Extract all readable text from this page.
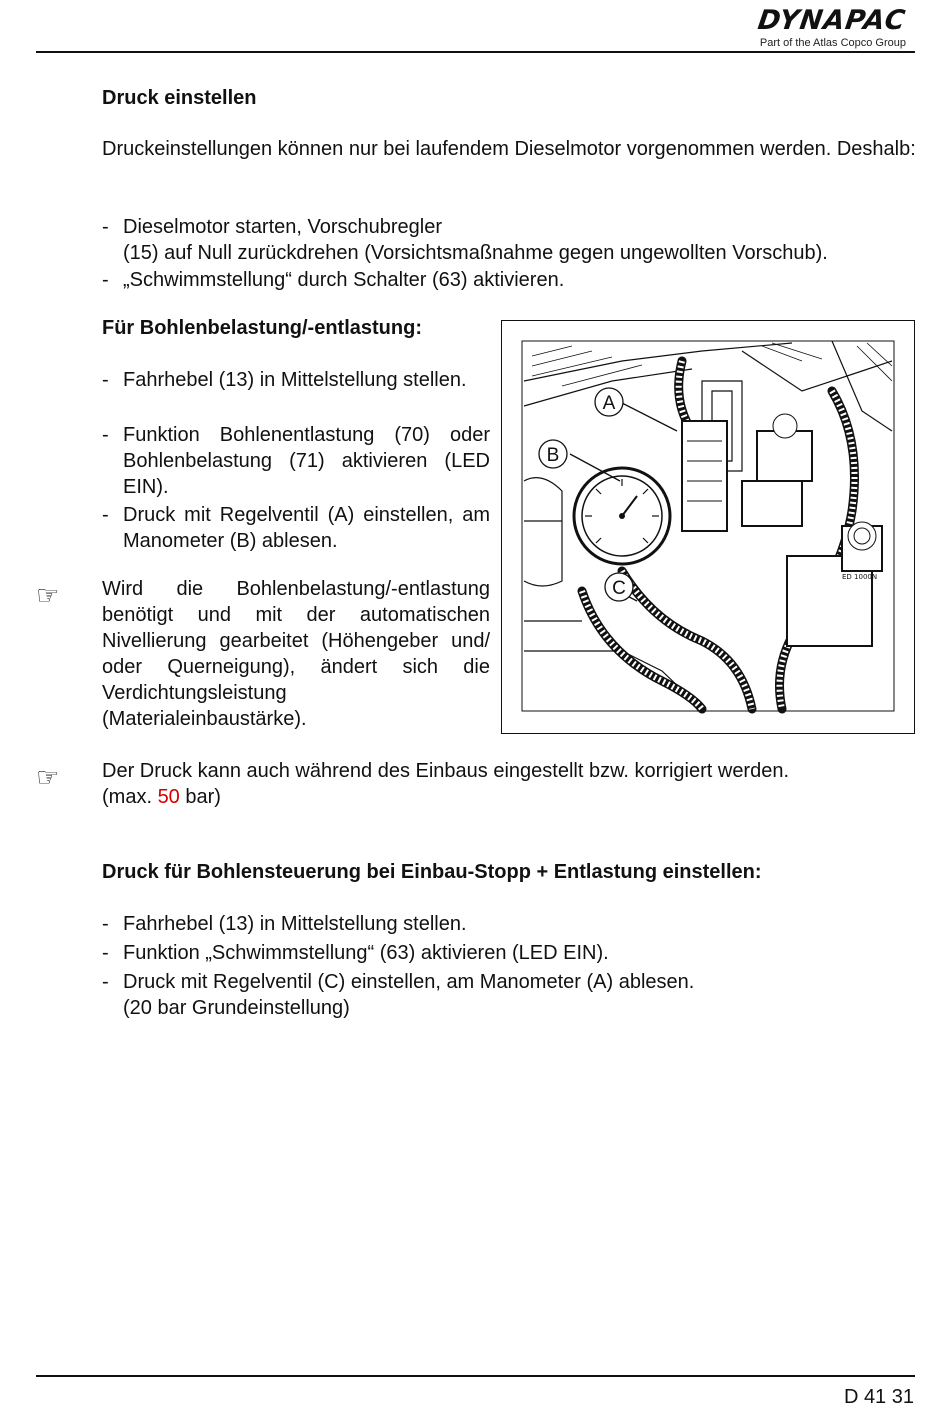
DYNAPAC
Part of the Atlas Copco Group
Druck einstellen
Druckeinstellungen können nur bei laufendem Dieselmotor vorgenommen werden. Deshalb:
- Dieselmotor starten, Vorschubregler
(15) auf Null zurückdrehen (Vorsichtsmaßnahme gegen ungewollten Vorschub).
- „Schwimmstellung“ durch Schalter (63) aktivieren.
Für Bohlenbelastung/-entlastung:
- Fahrhebel (13) in Mittelstellung stellen.
- Funktion Bohlenentlastung (70) oder Bohlenbelastung (71) aktivieren (LED EIN).
- Druck mit Regelventil (A) einstellen, am Manometer (B) ablesen.
☞ Wird die Bohlenbelastung/-entlastung benötigt und mit der automatischen Nivellierung gearbeitet (Höhengeber und/ oder Querneigung), ändert sich die Verdichtungsleistung (Materialeinbaustärke).
ED 1000N
A
B
C
☞ Der Druck kann auch während des Einbaus eingestellt bzw. korrigiert werden.
(max. 50 bar)
Druck für Bohlensteuerung bei Einbau-Stopp + Entlastung einstellen:
- Fahrhebel (13) in Mittelstellung stellen.
- Funktion „Schwimmstellung“ (63) aktivieren (LED EIN).
- Druck mit Regelventil (C) einstellen, am Manometer (A) ablesen.
(20 bar Grundeinstellung)
D 41 31
